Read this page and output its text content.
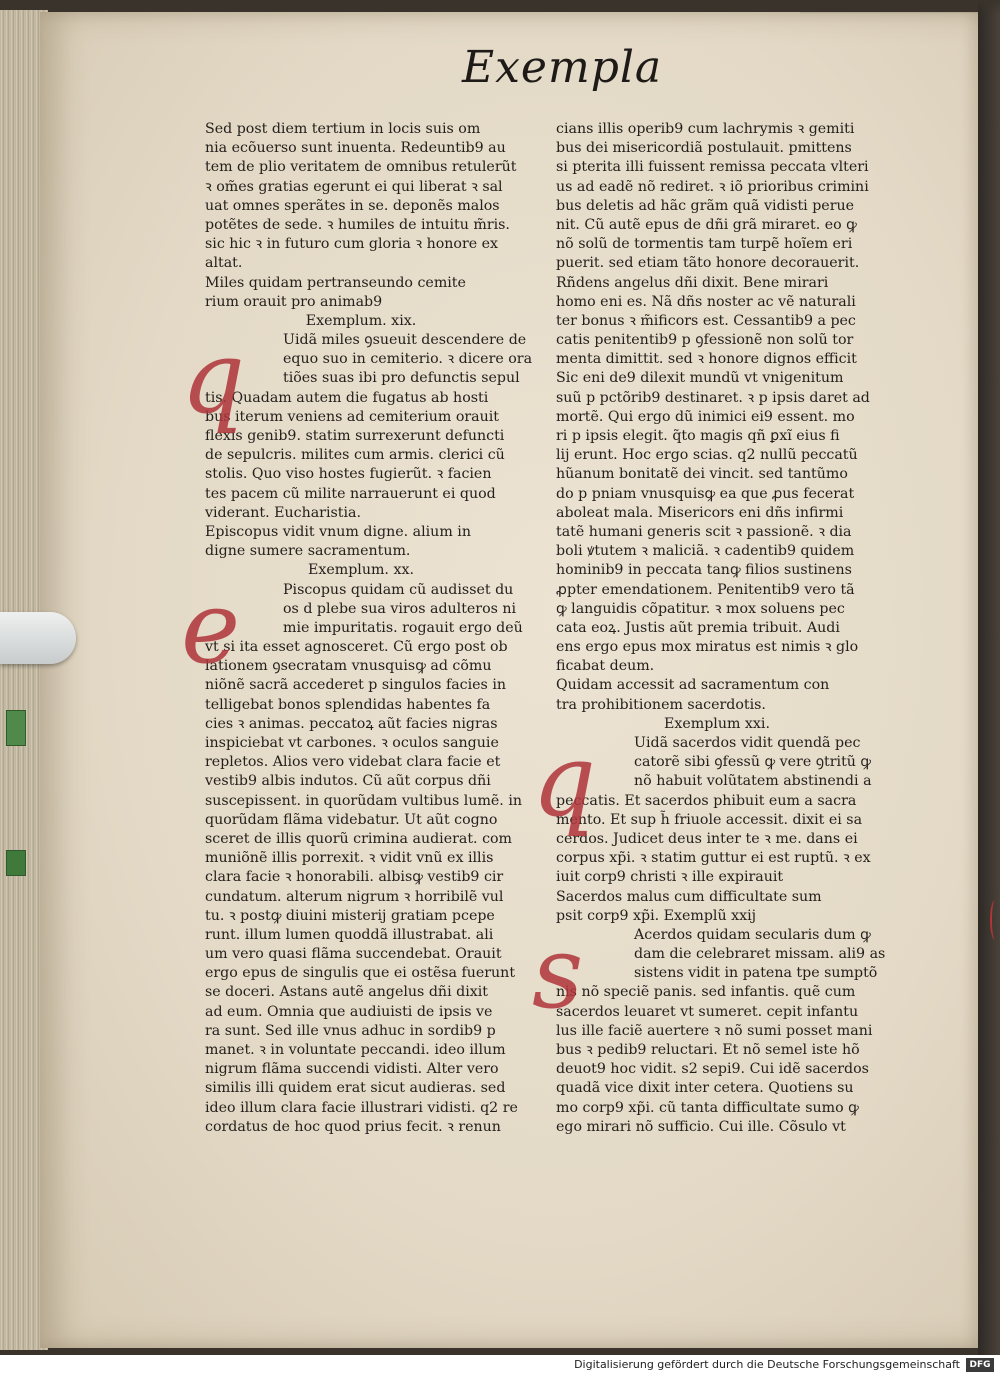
Exempla
Sed post diem tertium in locis suis om
nia ecõuerso sunt inuenta. Redeuntib9 au
tem de plio veritatem de omnibus retulerũt
ꝛ om̃es gratias egerunt ei qui liberat ꝛ sal
uat omnes sperãtes in se. deponẽs malos
potẽtes de sede. ꝛ humiles de intuitu m̃ris.
sic hic ꝛ in futuro cum gloria ꝛ honore ex
altat.
Miles quidam pertranseundo cemite
rium orauit pro animab9
Exemplum. xix.
Uidã miles ꝯsueuit descendere de
q	equo suo in cemiterio. ꝛ dicere ora
tiões suas ibi pro defunctis sepul
tis. Quadam autem die fugatus ab hosti
bus iterum veniens ad cemiterium orauit
flexis genib9. statim surrexerunt defuncti
de sepulcris. milites cum armis. clerici cũ
stolis. Quo viso hostes fugierũt. ꝛ facien
tes pacem cũ milite narrauerunt ei quod
viderant. Eucharistia.
Episcopus vidit vnum digne. alium in
digne sumere sacramentum.
Exemplum. xx.
Piscopus quidam cũ audisset du
e	os d plebe sua viros adulteros ni
mie impuritatis. rogauit ergo deũ
vt si ita esset agnosceret. Cũ ergo post ob
lationem ꝯsecratam vnusquisꝙ ad cõmu
niõnẽ sacrã accederet p singulos facies in
telligebat bonos splendidas habentes fa
cies ꝛ animas. peccatoꝝ aũt facies nigras
inspiciebat vt carbones. ꝛ oculos sanguie
repletos. Alios vero videbat clara facie et
vestib9 albis indutos. Cũ aũt corpus dñi
suscepissent. in quorũdam vultibus lumẽ. in
quorũdam flãma videbatur. Ut aũt cogno
sceret de illis quorũ crimina audierat. com
muniõnẽ illis porrexit. ꝛ vidit vnũ ex illis
clara facie ꝛ honorabili. albisꝙ vestib9 cir
cundatum. alterum nigrum ꝛ horribilẽ vul
tu. ꝛ postꝙ diuini misterij gratiam pcepe
runt. illum lumen quoddã illustrabat. ali
um vero quasi flãma succendebat. Orauit
ergo epus de singulis que ei ostẽsa fuerunt
se doceri. Astans autẽ angelus dñi dixit
ad eum. Omnia que audiuisti de ipsis ve
ra sunt. Sed ille vnus adhuc in sordib9 p
manet. ꝛ in voluntate peccandi. ideo illum
nigrum flãma succendi vidisti. Alter vero
similis illi quidem erat sicut audieras. sed
ideo illum clara facie illustrari vidisti. q2 re
cordatus de hoc quod prius fecit. ꝛ renun
cians illis operib9 cum lachrymis ꝛ gemiti
bus dei misericordiã postulauit. pmittens
si pterita illi fuissent remissa peccata vlteri
us ad eadẽ nõ rediret. ꝛ iõ prioribus crimini
bus deletis ad hãc grãm quã vidisti perue
nit. Cũ autẽ epus de dñi grã miraret. eo ꝙ
nõ solũ de tormentis tam turpẽ hoĩem eri
puerit. sed etiam tãto honore decorauerit.
Rñdens angelus dñi dixit. Bene mirari
homo eni es. Nã dñs noster ac vẽ naturali
ter bonus ꝛ m̃ificors est. Cessantib9 a pec
catis penitentib9 p ꝯfessionẽ non solũ tor
menta dimittit. sed ꝛ honore dignos efficit
Sic eni de9 dilexit mundũ vt vnigenitum
suũ p pctõrib9 destinaret. ꝛ p ipsis daret ad
mortẽ. Qui ergo dũ inimici ei9 essent. mo
ri p ipsis elegit. q̃to magis qñ ꝑxĩ eius fi
lij erunt. Hoc ergo scias. q2 nullũ peccatũ
hũanum bonitatẽ dei vincit. sed tantũmo
do p pniam vnusquisꝙ ea que ꝓus fecerat
aboleat mala. Misericors eni dñs infirmi
tatẽ humani generis scit ꝛ passionẽ. ꝛ dia
boli ꝟtutem ꝛ maliciã. ꝛ cadentib9 quidem
hominib9 in peccata tanꝙ filios sustinens
ꝓpter emendationem. Penitentib9 vero tã
ꝙ languidis cõpatitur. ꝛ mox soluens pec
cata eoꝝ. Justis aũt premia tribuit. Audi
ens ergo epus mox miratus est nimis ꝛ glo
ficabat deum.
Quidam accessit ad sacramentum con
tra prohibitionem sacerdotis.
Exemplum xxi.
Uidã sacerdos vidit quendã pec
q	catorẽ sibi ꝯfessũ ꝙ vere ꝯtritũ ꝙ
nõ habuit volũtatem abstinendi a
peccatis. Et sacerdos phibuit eum a sacra
mento. Et sup h̃ friuole accessit. dixit ei sa
cerdos. Judicet deus inter te ꝛ me. dans ei
corpus xp̃i. ꝛ statim guttur ei est ruptũ. ꝛ ex
iuit corp9 christi ꝛ ille expirauit
Sacerdos malus cum difficultate sum
psit corp9 xp̃i. Exemplũ xxij
Acerdos quidam secularis dum ꝙ
s	dam die celebraret missam. ali9 as
sistens vidit in patena tpe sumptõ
nis nõ speciẽ panis. sed infantis. quẽ cum
sacerdos leuaret vt sumeret. cepit infantu
lus ille faciẽ auertere ꝛ nõ sumi posset mani
bus ꝛ pedib9 reluctari. Et nõ semel iste hõ
deuot9 hoc vidit. s2 sepi9. Cui idẽ sacerdos
quadã vice dixit inter cetera. Quotiens su
mo corp9 xp̃i. cũ tanta difficultate sumo ꝙ
ego mirari nõ sufficio. Cui ille. Cõsulo vt
Digitalisierung gefördert durch die Deutsche Forschungsgemeinschaft	DFG
